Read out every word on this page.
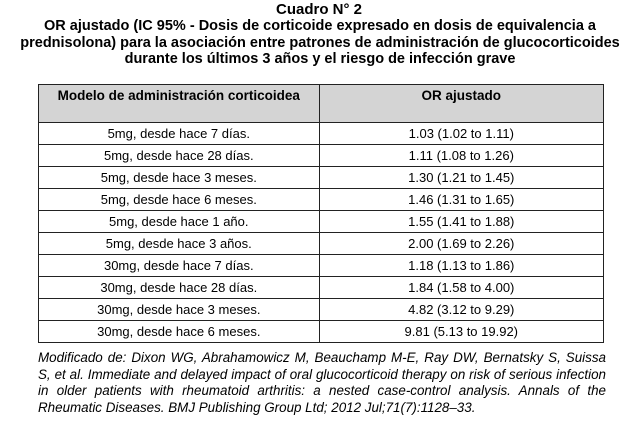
Cuadro N° 2
OR ajustado (IC 95% - Dosis de corticoide expresado en dosis de equivalencia a prednisolona) para la asociación entre patrones de administración de glucocorticoides durante los últimos 3 años y el riesgo de infección grave
Modelo de administración corticoidea	OR ajustado
5mg, desde hace 7 días.	1.03 (1.02 to 1.11)
5mg, desde hace 28 días.	1.11 (1.08 to 1.26)
5mg, desde hace 3 meses.	1.30 (1.21 to 1.45)
5mg, desde hace 6 meses.	1.46 (1.31 to 1.65)
5mg, desde hace 1 año.	1.55 (1.41 to 1.88)
5mg, desde hace 3 años.	2.00 (1.69 to 2.26)
30mg, desde hace 7 días.	1.18 (1.13 to 1.86)
30mg, desde hace 28 días.	1.84 (1.58 to 4.00)
30mg, desde hace 3 meses.	4.82 (3.12 to 9.29)
30mg, desde hace 6 meses.	9.81 (5.13 to 19.92)
Modificado de: Dixon WG, Abrahamowicz M, Beauchamp M-E, Ray DW, Bernatsky S, Suissa S, et al. Immediate and delayed impact of oral glucocorticoid therapy on risk of serious infection in older patients with rheumatoid arthritis: a nested case-control analysis. Annals of the Rheumatic Diseases. BMJ Publishing Group Ltd; 2012 Jul;71(7):1128–33.
